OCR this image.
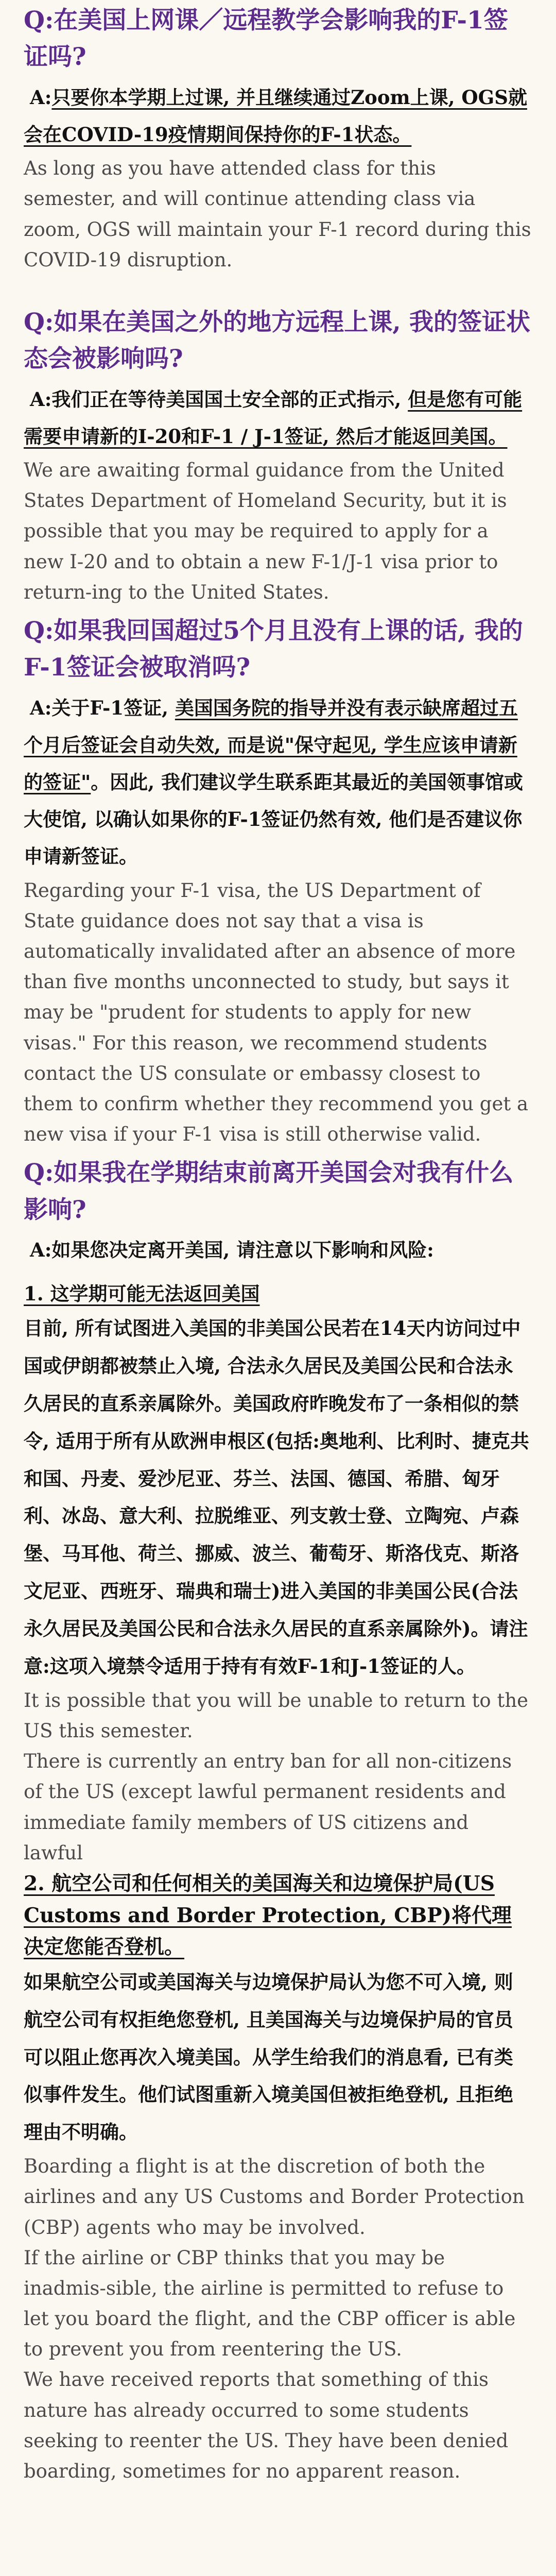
Q:在美国上网课／远程教学会影响我的F-1签证吗?

A:只要你本学期上过课, 并且继续通过Zoom上课, OGS就会在COVID-19疫情期间保持你的F-1状态。

As long as you have attended class for this semester, and will continue attending class via zoom, OGS will maintain your F-1 record during this COVID-19 disruption.

Q:如果在美国之外的地方远程上课, 我的签证状态会被影响吗?

A:我们正在等待美国国土安全部的正式指示, 但是您有可能需要申请新的I-20和F-1 / J-1签证, 然后才能返回美国。

We are awaiting formal guidance from the United States Department of Homeland Security, but it is possible that you may be required to apply for a new I-20 and to obtain a new F-1/J-1 visa prior to return-ing to the United States.

Q:如果我回国超过5个月且没有上课的话, 我的F-1签证会被取消吗?

A:关于F-1签证, 美国国务院的指导并没有表示缺席超过五个月后签证会自动失效, 而是说"保守起见, 学生应该申请新的签证"。因此, 我们建议学生联系距其最近的美国领事馆或大使馆, 以确认如果你的F-1签证仍然有效, 他们是否建议你申请新签证。

Regarding your F-1 visa, the US Department of State guidance does not say that a visa is automatically invalidated after an absence of more than five months unconnected to study, but says it may be "prudent for students to apply for new visas." For this reason, we recommend students contact the US consulate or embassy closest to them to confirm whether they recommend you get a new visa if your F-1 visa is still otherwise valid.

Q:如果我在学期结束前离开美国会对我有什么影响?

A:如果您决定离开美国, 请注意以下影响和风险:

1. 这学期可能无法返回美国

目前, 所有试图进入美国的非美国公民若在14天内访问过中国或伊朗都被禁止入境, 合法永久居民及美国公民和合法永久居民的直系亲属除外。美国政府昨晚发布了一条相似的禁令, 适用于所有从欧洲申根区(包括:奥地利、比利时、捷克共和国、丹麦、爱沙尼亚、芬兰、法国、德国、希腊、匈牙利、冰岛、意大利、拉脱维亚、列支敦士登、立陶宛、卢森堡、马耳他、荷兰、挪威、波兰、葡萄牙、斯洛伐克、斯洛文尼亚、西班牙、瑞典和瑞士)进入美国的非美国公民(合法永久居民及美国公民和合法永久居民的直系亲属除外)。请注意:这项入境禁令适用于持有有效F-1和J-1签证的人。

It is possible that you will be unable to return to the US this semester.

There is currently an entry ban for all non-citizens of the US (except lawful permanent residents and immediate family members of US citizens and lawful

2. 航空公司和任何相关的美国海关和边境保护局(US Customs and Border Protection, CBP)将代理决定您能否登机。

如果航空公司或美国海关与边境保护局认为您不可入境, 则航空公司有权拒绝您登机, 且美国海关与边境保护局的官员可以阻止您再次入境美国。从学生给我们的消息看, 已有类似事件发生。他们试图重新入境美国但被拒绝登机, 且拒绝理由不明确。

Boarding a flight is at the discretion of both the airlines and any US Customs and Border Protection (CBP) agents who may be involved.

If the airline or CBP thinks that you may be inadmis-sible, the airline is permitted to refuse to let you board the flight, and the CBP officer is able to prevent you from reentering the US.

We have received reports that something of this nature has already occurred to some students seeking to reenter the US. They have been denied boarding, sometimes for no apparent reason.
